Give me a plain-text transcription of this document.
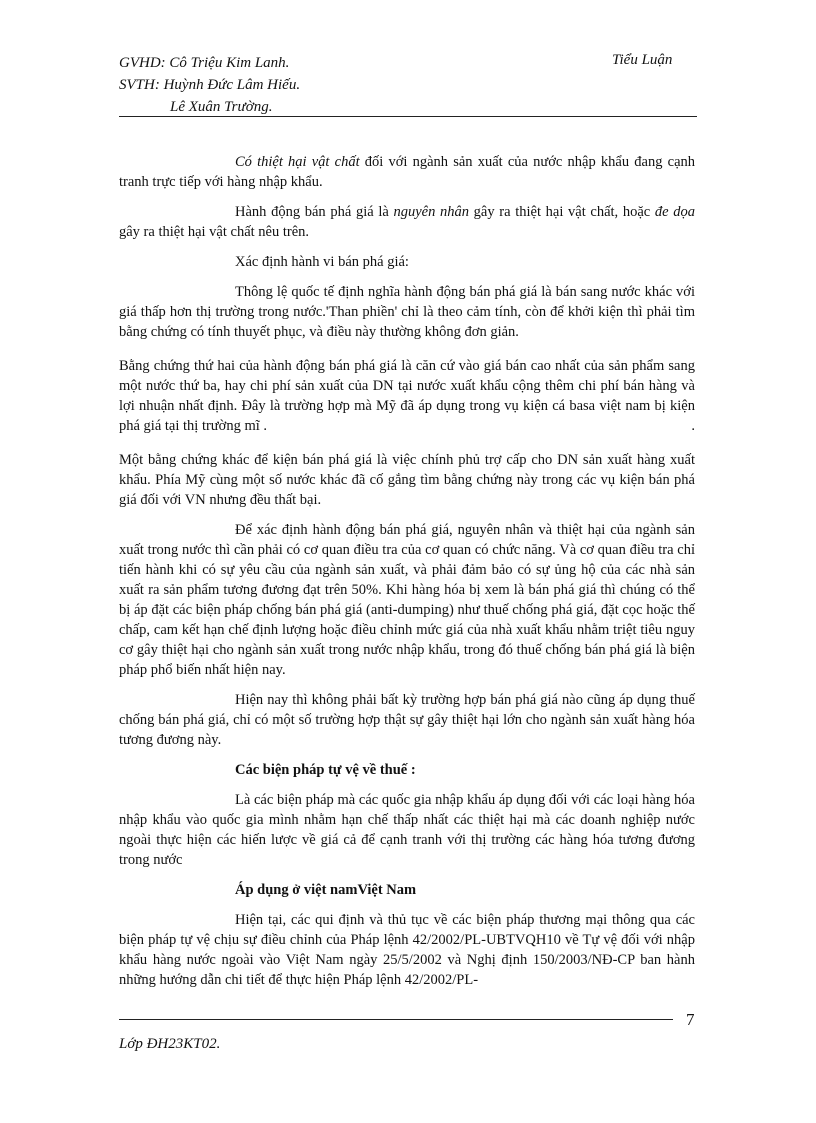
GVHD: Cô Triệu Kim Lanh.
SVTH: Huỳnh Đức Lâm Hiếu.
Lê Xuân Trường.
Tiểu Luận

Có thiệt hại vật chất đối với ngành sản xuất của nước nhập khẩu đang cạnh tranh trực tiếp với hàng nhập khẩu.

Hành động bán phá giá là nguyên nhân gây ra thiệt hại vật chất, hoặc đe dọa gây ra thiệt hại vật chất nêu trên.

Xác định hành vi bán phá giá:

Thông lệ quốc tế định nghĩa hành động bán phá giá là bán sang nước khác với giá thấp hơn thị trường trong nước.'Than phiền' chỉ là theo cảm tính, còn để khởi kiện thì phải tìm bằng chứng có tính thuyết phục, và điều này thường không đơn giản.

Bằng chứng thứ hai của hành động bán phá giá là căn cứ vào giá bán cao nhất của sản phẩm sang một nước thứ ba, hay chi phí sản xuất của DN tại nước xuất khẩu cộng thêm chi phí bán hàng và lợi nhuận nhất định. Đây là trường hợp mà Mỹ đã áp dụng trong vụ kiện cá basa việt nam bị kiện phá giá tại thị trường mĩ .	.

Một bằng chứng khác để kiện bán phá giá là việc chính phủ trợ cấp cho DN sản xuất hàng xuất khẩu. Phía Mỹ cùng một số nước khác đã cố gắng tìm bằng chứng này trong các vụ kiện bán phá giá đối với VN nhưng đều thất bại.

Để xác định hành động bán phá giá, nguyên nhân và thiệt hại của ngành sản xuất trong nước thì cần phải có cơ quan điều tra của cơ quan có chức năng. Và cơ quan điều tra chỉ tiến hành khi có sự yêu cầu của ngành sản xuất, và phải đảm bảo có sự ủng hộ của các nhà sản xuất ra sản phẩm tương đương đạt trên 50%. Khi hàng hóa bị xem là bán phá giá thì chúng có thể bị áp đặt các biện pháp chống bán phá giá (anti-dumping) như thuế chống phá giá, đặt cọc hoặc thế chấp, cam kết hạn chế định lượng hoặc điều chỉnh mức giá của nhà xuất khẩu nhằm triệt tiêu nguy cơ gây thiệt hại cho ngành sản xuất trong nước nhập khẩu, trong đó thuế chống bán phá giá là biện pháp phổ biến nhất hiện nay.

Hiện nay thì không phải bất kỳ trường hợp bán phá giá nào cũng áp dụng thuế chống bán phá giá, chỉ có một số trường hợp thật sự gây thiệt hại lớn cho ngành sản xuất hàng hóa tương đương này.

Các biện pháp tự vệ về thuế :

Là các biện pháp mà các quốc gia nhập khẩu áp dụng đối với các loại hàng hóa nhập khẩu vào quốc gia mình nhằm hạn chế thấp nhất các thiệt hại mà các doanh nghiệp nước ngoài thực hiện các hiến lược về giá cả để cạnh tranh với thị trường các hàng hóa tương đương trong nước

Áp dụng ở việt namViệt Nam

Hiện tại, các qui định và thủ tục về các biện pháp thương mại thông qua các biện pháp tự vệ chịu sự điều chỉnh của Pháp lệnh 42/2002/PL-UBTVQH10 về Tự vệ đối với nhập khẩu hàng nước ngoài vào Việt Nam ngày 25/5/2002 và Nghị định 150/2003/NĐ-CP ban hành những hướng dẫn chi tiết để thực hiện Pháp lệnh 42/2002/PL-

7
Lớp ĐH23KT02.
